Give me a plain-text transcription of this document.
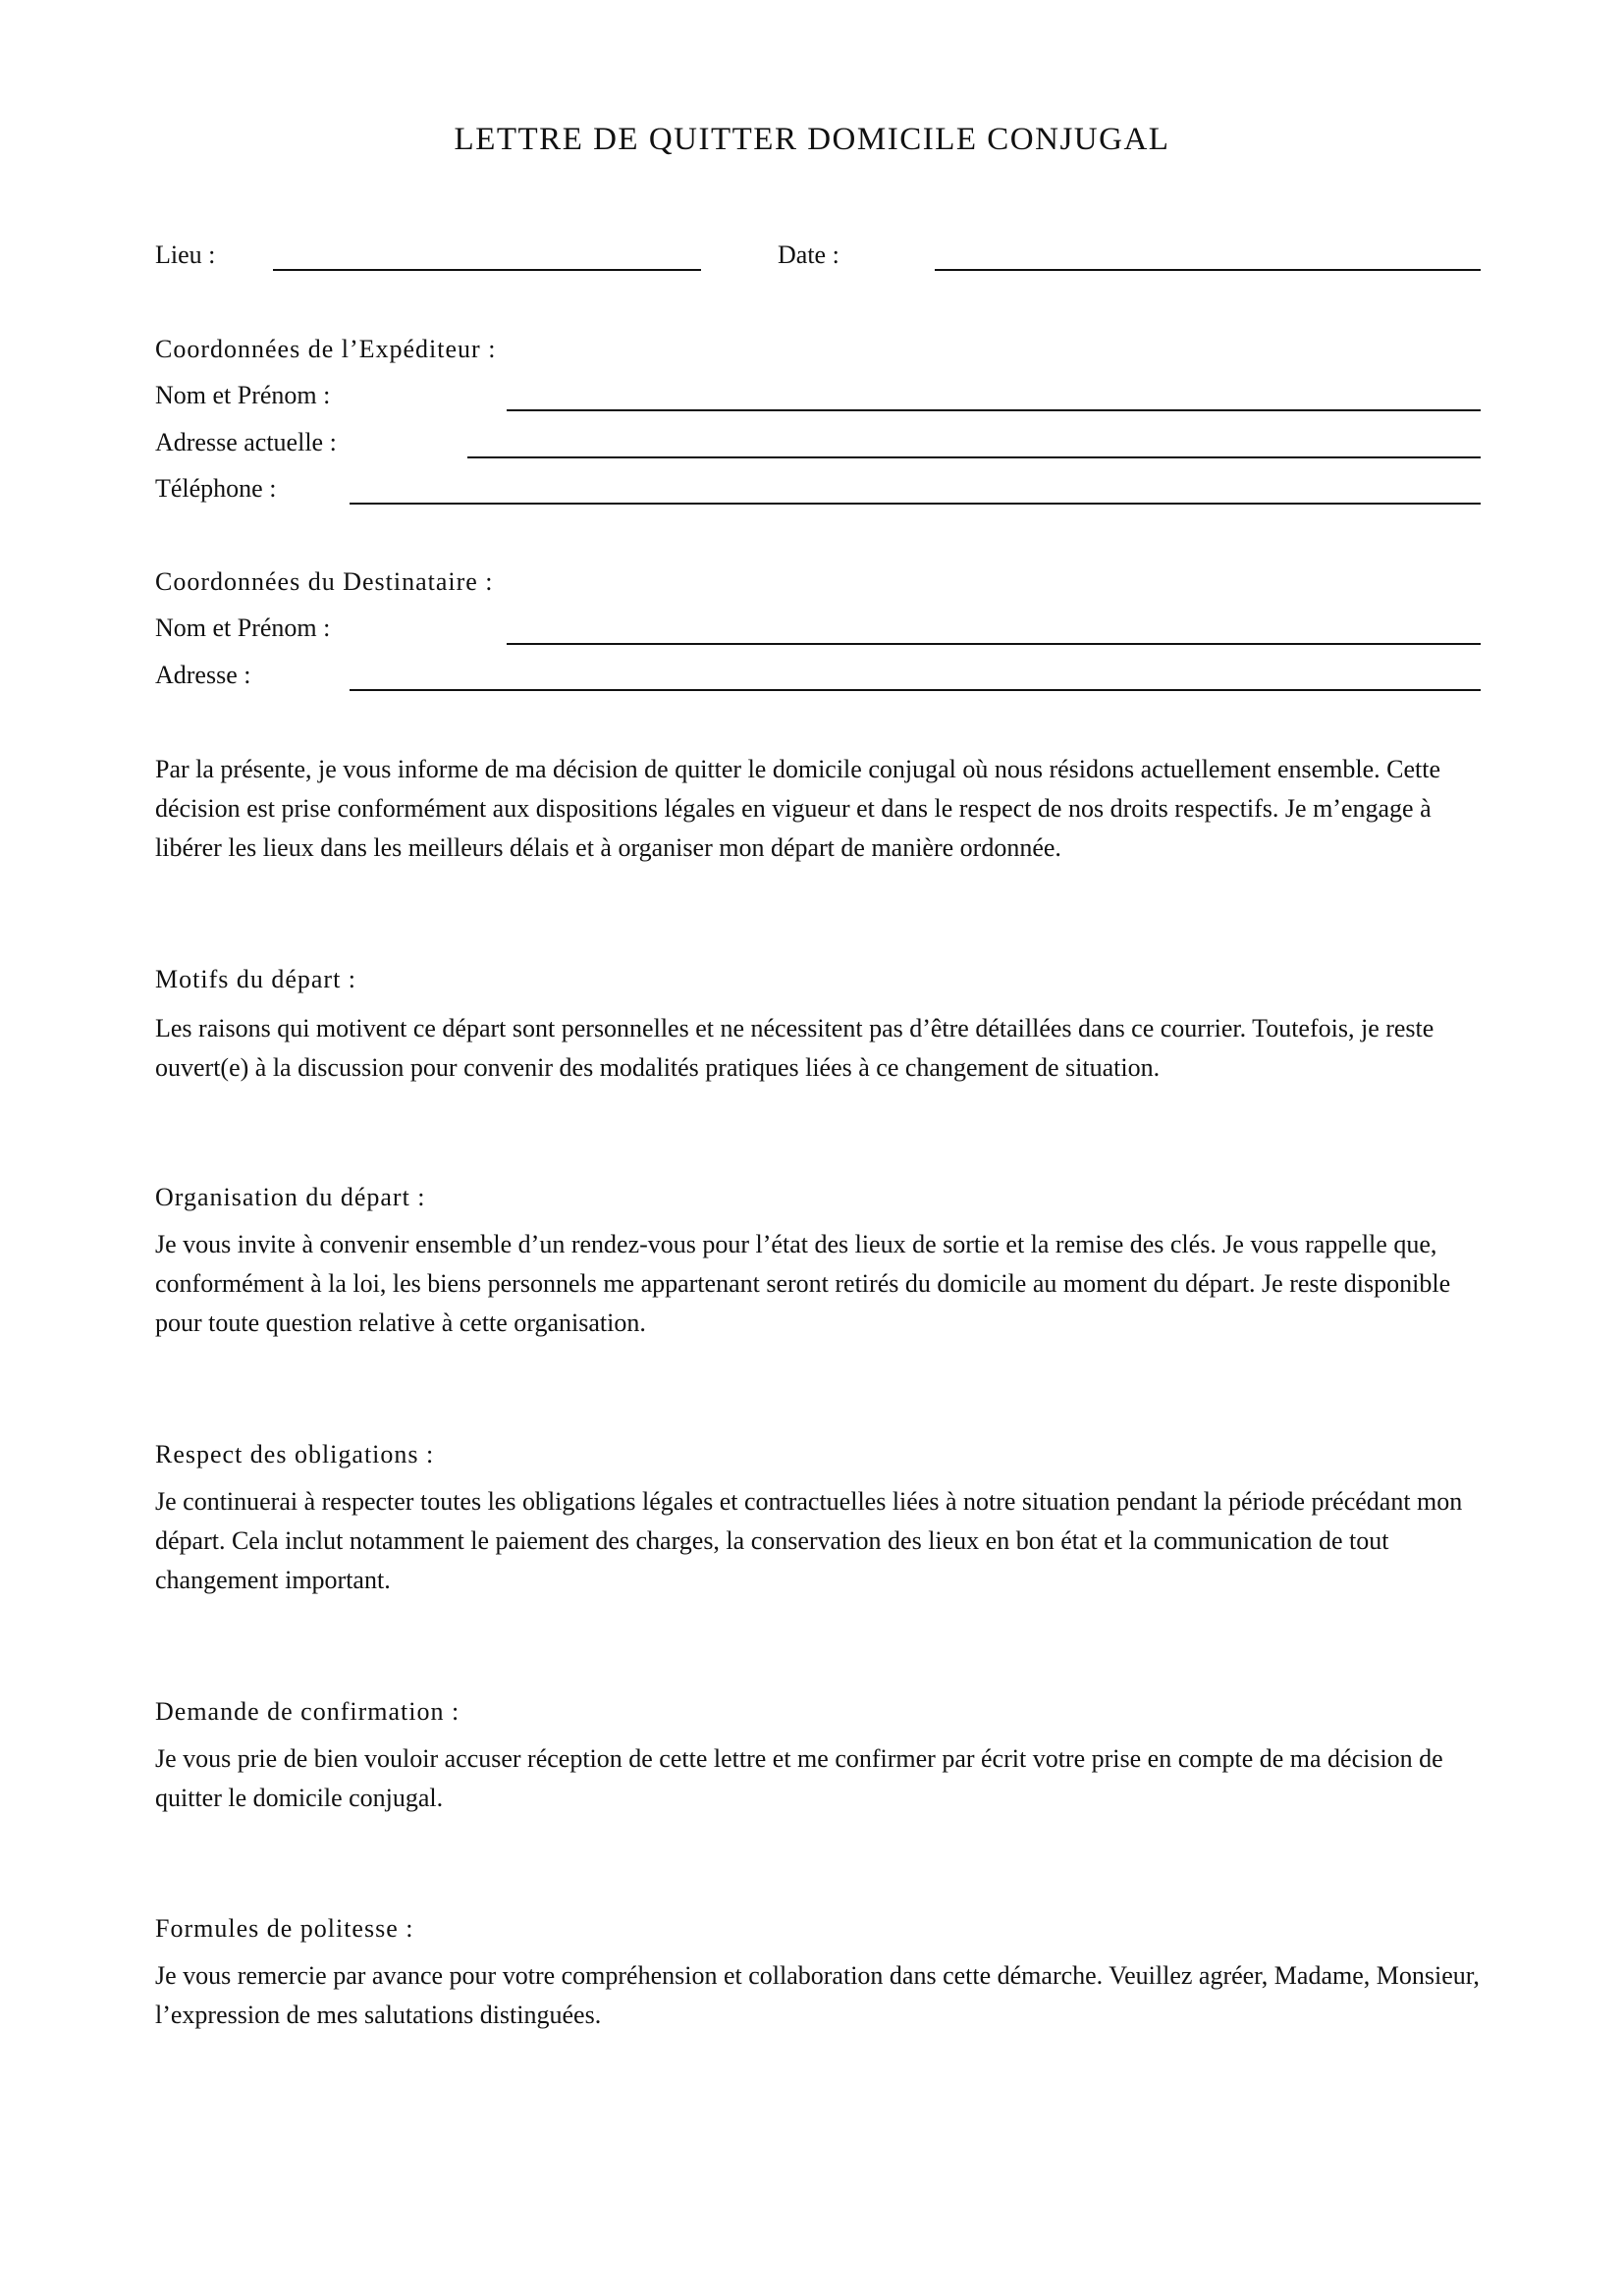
LETTRE DE QUITTER DOMICILE CONJUGAL
Lieu :	Date :
Coordonnées de l’Expéditeur :
Nom et Prénom :
Adresse actuelle :
Téléphone :
Coordonnées du Destinataire :
Nom et Prénom :
Adresse :

Par la présente, je vous informe de ma décision de quitter le domicile conjugal où nous résidons actuellement ensemble. Cette décision est prise conformément aux dispositions légales en vigueur et dans le respect de nos droits respectifs. Je m’engage à libérer les lieux dans les meilleurs délais et à organiser mon départ de manière ordonnée.

Motifs du départ :

Les raisons qui motivent ce départ sont personnelles et ne nécessitent pas d’être détaillées dans ce courrier. Toutefois, je reste ouvert(e) à la discussion pour convenir des modalités pratiques liées à ce changement de situation.

Organisation du départ :

Je vous invite à convenir ensemble d’un rendez-vous pour l’état des lieux de sortie et la remise des clés. Je vous rappelle que, conformément à la loi, les biens personnels me appartenant seront retirés du domicile au moment du départ. Je reste disponible pour toute question relative à cette organisation.

Respect des obligations :

Je continuerai à respecter toutes les obligations légales et contractuelles liées à notre situation pendant la période précédant mon départ. Cela inclut notamment le paiement des charges, la conservation des lieux en bon état et la communication de tout changement important.

Demande de confirmation :

Je vous prie de bien vouloir accuser réception de cette lettre et me confirmer par écrit votre prise en compte de ma décision de quitter le domicile conjugal.

Formules de politesse :

Je vous remercie par avance pour votre compréhension et collaboration dans cette démarche. Veuillez agréer, Madame, Monsieur, l’expression de mes salutations distinguées.
